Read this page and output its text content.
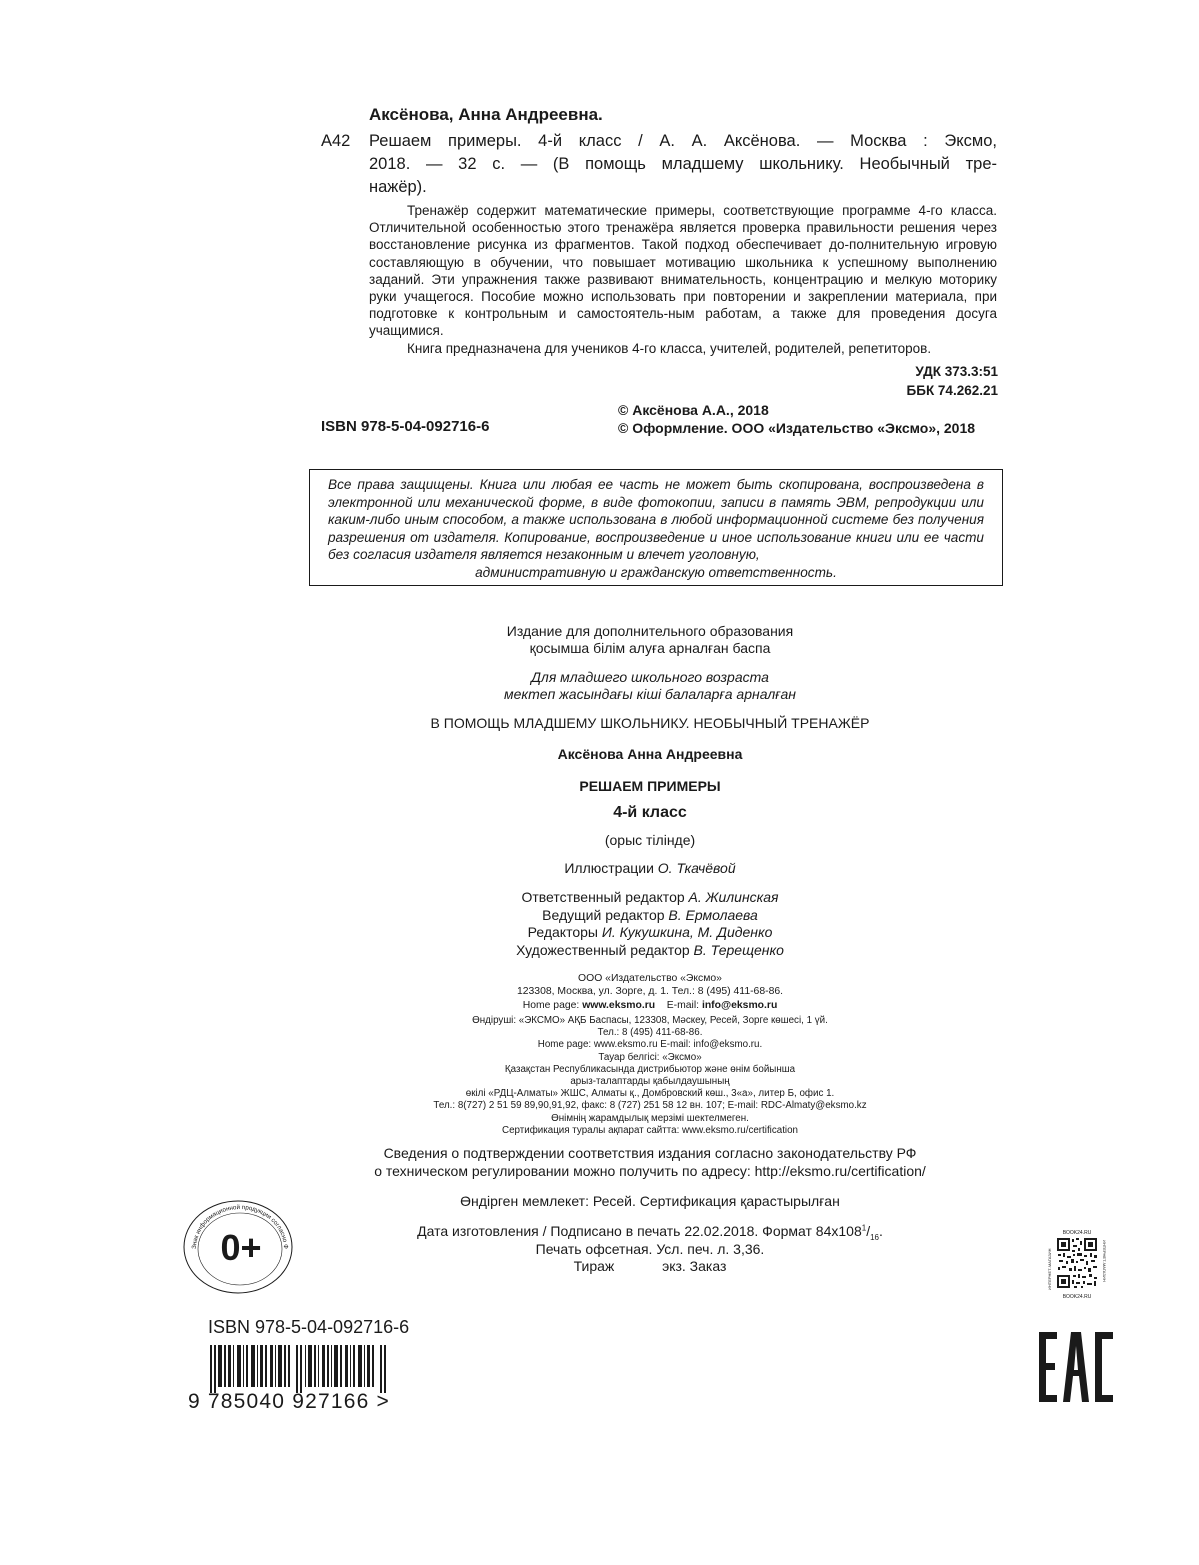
Аксёнова, Анна Андреевна.
А42 Решаем примеры. 4-й класс / А. А. Аксёнова. — Москва : Эксмо,
2018. — 32 с. — (В помощь младшему школьнику. Необычный тре-
нажёр).

Тренажёр содержит математические примеры, соответствующие программе 4-го класса. Отличительной особенностью этого тренажёра является проверка правильности решения через восстановление рисунка из фрагментов. Такой подход обеспечивает до-полнительную игровую составляющую в обучении, что повышает мотивацию школьника к успешному выполнению заданий. Эти упражнения также развивают внимательность, концентрацию и мелкую моторику руки учащегося. Пособие можно использовать при повторении и закреплении материала, при подготовке к контрольным и самостоятель-ным работам, а также для проведения досуга учащимися.

Книга предназначена для учеников 4-го класса, учителей, родителей, репетиторов.

УДК 373.3:51
ББК 74.262.21
ISBN 978-5-04-092716-6
© Аксёнова А.А., 2018
© Оформление. ООО «Издательство «Эксмо», 2018
Все права защищены. Книга или любая ее часть не может быть скопирована, воспроизведена в электронной или механической форме, в виде фотокопии, записи в память ЭВМ, репродукции или каким-либо иным способом, а также использована в любой информационной системе без получения разрешения от издателя. Копирование, воспроизведение и иное использование книги или ее части без согласия издателя является незаконным и влечет уголовную,
административную и гражданскую ответственность.
Издание для дополнительного образования
қосымша білім алуға арналған баспа
Для младшего школьного возраста
мектеп жасындағы кіші балаларға арналған
В ПОМОЩЬ МЛАДШЕМУ ШКОЛЬНИКУ. НЕОБЫЧНЫЙ ТРЕНАЖЁР
Аксёнова Анна Андреевна
РЕШАЕМ ПРИМЕРЫ
4-й класс
(орыс тілінде)
Иллюстрации О. Ткачёвой
Ответственный редактор А. Жилинская
Ведущий редактор В. Ермолаева
Редакторы И. Кукушкина, М. Диденко
Художественный редактор В. Терещенко
ООО «Издательство «Эксмо»
123308, Москва, ул. Зорге, д. 1. Тел.: 8 (495) 411-68-86.
Home page: www.eksmo.ru E-mail: info@eksmo.ru
Өндіруші: «ЭКСМО» АҚБ Баспасы, 123308, Мәскеу, Ресей, Зорге көшесі, 1 үй.
Тел.: 8 (495) 411-68-86.
Home page: www.eksmo.ru E-mail: info@eksmo.ru.
Тауар белгісі: «Эксмо»
Қазақстан Республикасында дистрибьютор және өнім бойынша
арыз-талаптарды қабылдаушының
өкілі «РДЦ-Алматы» ЖШС, Алматы қ., Домбровский көш., 3«а», литер Б, офис 1.
Тел.: 8(727) 2 51 59 89,90,91,92, факс: 8 (727) 251 58 12 вн. 107; E-mail: RDC-Almaty@eksmo.kz
Өнімнің жарамдылық мерзімі шектелмеген.
Сертификация туралы ақпарат сайтта: www.eksmo.ru/certification
Сведения о подтверждении соответствия издания согласно законодательству РФ
о техническом регулировании можно получить по адресу: http://eksmo.ru/certification/
Өндірген мемлекет: Ресей. Сертификация қарастырылған
Дата изготовления / Подписано в печать 22.02.2018. Формат $84х108^1/_{16}$.
Печать офсетная. Усл. печ. л. 3,36.
Тираж	экз. Заказ
Знак информационной продукции согласно Ф
0+
ISBN 978-5-04-092716-6
9 785040 927166 >
BOOK24.RU
BOOK24.RU
ИНТЕРНЕТ-МАГАЗИН	ИНТЕРНЕТ-МАГАЗИН
